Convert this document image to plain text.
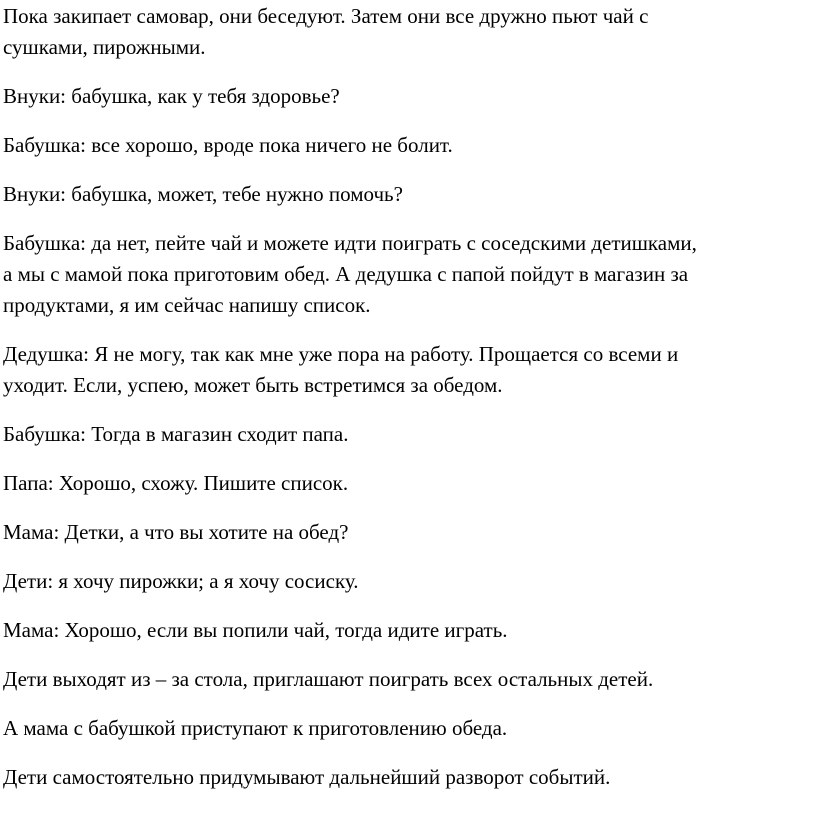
Пока закипает самовар, они беседуют. Затем они все дружно пьют чай с
сушками, пирожными.

Внуки: бабушка, как у тебя здоровье?

Бабушка: все хорошо, вроде пока ничего не болит.

Внуки: бабушка, может, тебе нужно помочь?

Бабушка: да нет, пейте чай и можете идти поиграть с соседскими детишками,
а мы с мамой пока приготовим обед. А дедушка с папой пойдут в магазин за
продуктами, я им сейчас напишу список.

Дедушка: Я не могу, так как мне уже пора на работу. Прощается со всеми и
уходит. Если, успею, может быть встретимся за обедом.

Бабушка: Тогда в магазин сходит папа.

Папа: Хорошо, схожу. Пишите список.

Мама: Детки, а что вы хотите на обед?

Дети: я хочу пирожки; а я хочу сосиску.

Мама: Хорошо, если вы попили чай, тогда идите играть.

Дети выходят из – за стола, приглашают поиграть всех остальных детей.

А мама с бабушкой приступают к приготовлению обеда.

Дети самостоятельно придумывают дальнейший разворот событий.
